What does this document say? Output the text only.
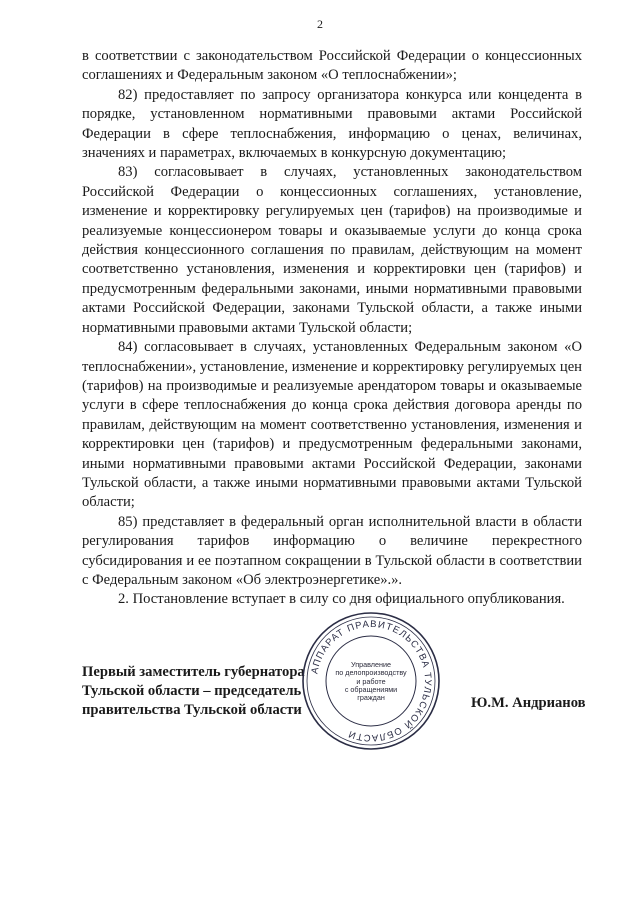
2

в соответствии с законодательством Российской Федерации о концессионных соглашениях и Федеральным законом «О теплоснабжении»;

82) предоставляет по запросу организатора конкурса или концедента в порядке, установленном нормативными правовыми актами Российской Федерации в сфере теплоснабжения, информацию о ценах, величинах, значениях и параметрах, включаемых в конкурсную документацию;

83) согласовывает в случаях, установленных законодательством Российской Федерации о концессионных соглашениях, установление, изменение и корректировку регулируемых цен (тарифов) на производимые и реализуемые концессионером товары и оказываемые услуги до конца срока действия концессионного соглашения по правилам, действующим на момент соответственно установления, изменения и корректировки цен (тарифов) и предусмотренным федеральными законами, иными нормативными правовыми актами Российской Федерации, законами Тульской области, а также иными нормативными правовыми актами Тульской области;

84) согласовывает в случаях, установленных Федеральным законом «О теплоснабжении», установление, изменение и корректировку регулируемых цен (тарифов) на производимые и реализуемые арендатором товары и оказываемые услуги в сфере теплоснабжения до конца срока действия договора аренды по правилам, действующим на момент соответственно установления, изменения и корректировки цен (тарифов) и предусмотренным федеральными законами, иными нормативными правовыми актами Российской Федерации, законами Тульской области, а также иными нормативными правовыми актами Тульской области;

85) представляет в федеральный орган исполнительной власти в области регулирования тарифов информацию о величине перекрестного субсидирования и ее поэтапном сокращении в Тульской области в соответствии с Федеральным законом «Об электроэнергетике».».

2. Постановление вступает в силу со дня официального опубликования.

Первый заместитель губернатора
Тульской области – председатель
правительства Тульской области
АППАРАТ ПРАВИТЕЛЬСТВА ТУЛЬСКОЙ ОБЛАСТИ
Управление
по делопроизводству
и работе
с обращениями
граждан	Ю.М. Андрианов
